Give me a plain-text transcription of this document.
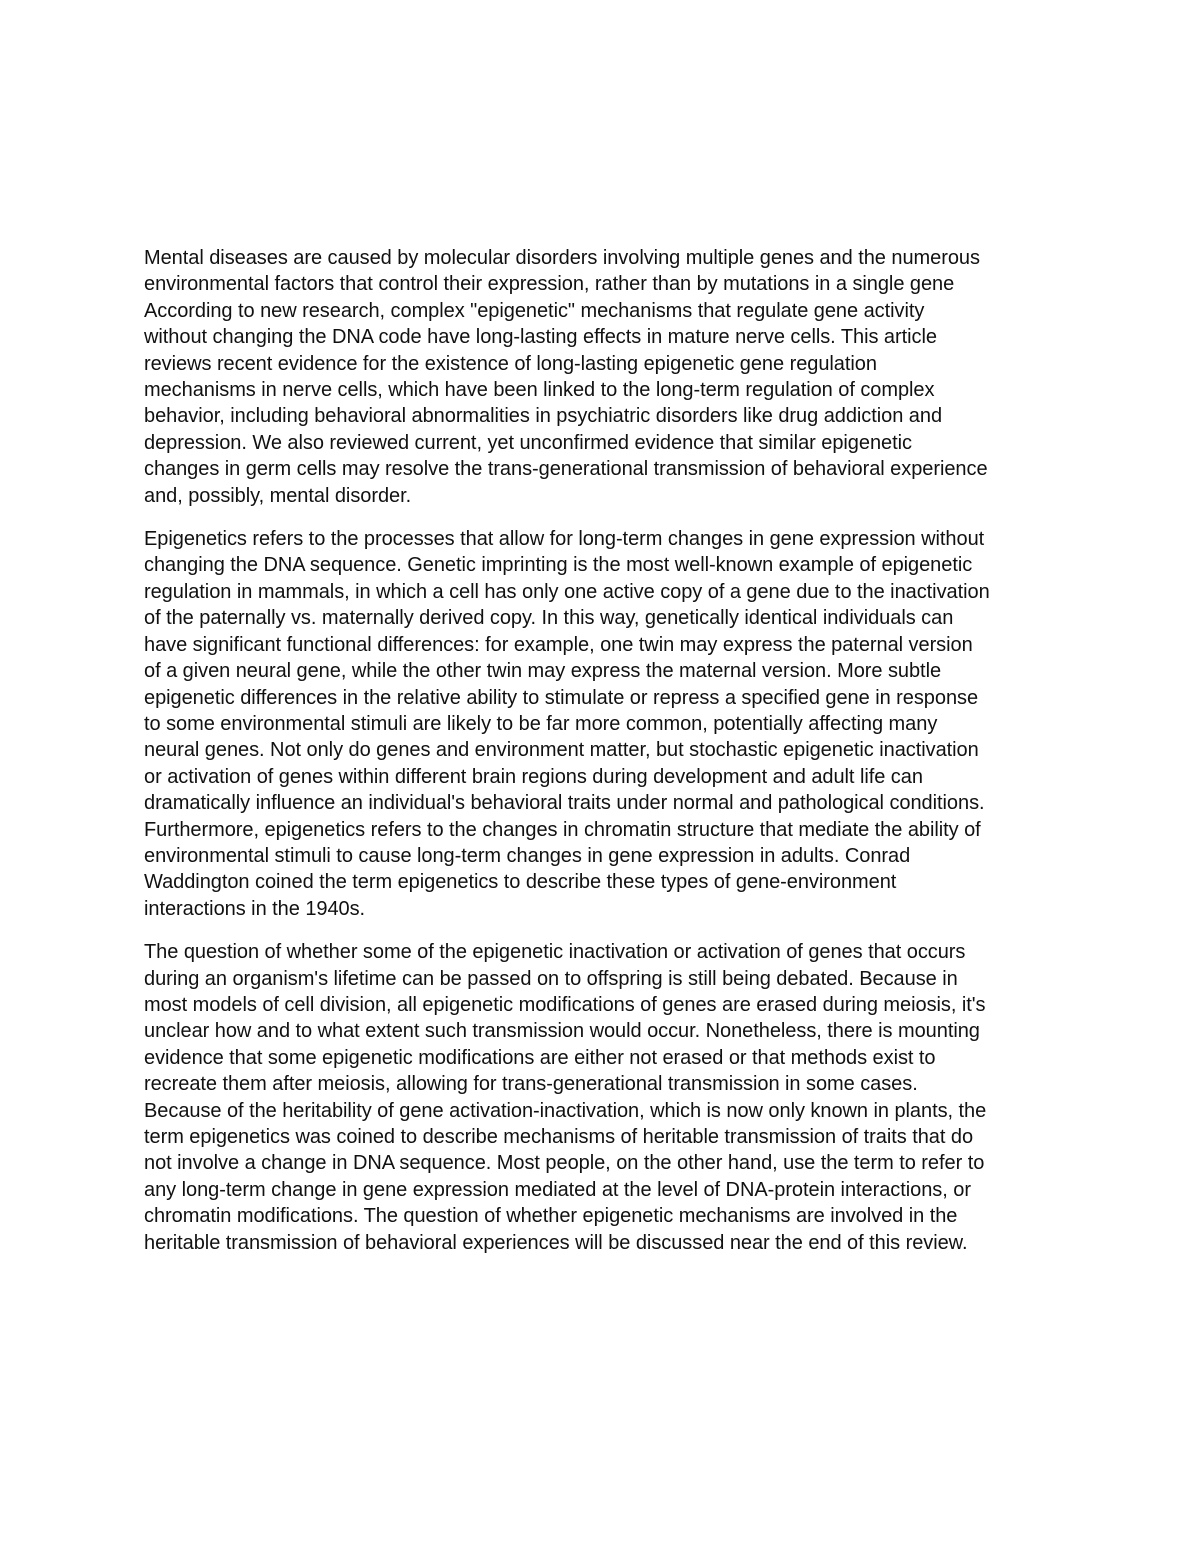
Mental diseases are caused by molecular disorders involving multiple genes and the numerous
environmental factors that control their expression, rather than by mutations in a single gene
According to new research, complex "epigenetic" mechanisms that regulate gene activity
without changing the DNA code have long-lasting effects in mature nerve cells. This article
reviews recent evidence for the existence of long-lasting epigenetic gene regulation
mechanisms in nerve cells, which have been linked to the long-term regulation of complex
behavior, including behavioral abnormalities in psychiatric disorders like drug addiction and
depression. We also reviewed current, yet unconfirmed evidence that similar epigenetic
changes in germ cells may resolve the trans-generational transmission of behavioral experience
and, possibly, mental disorder.

Epigenetics refers to the processes that allow for long-term changes in gene expression without
changing the DNA sequence. Genetic imprinting is the most well-known example of epigenetic
regulation in mammals, in which a cell has only one active copy of a gene due to the inactivation
of the paternally vs. maternally derived copy. In this way, genetically identical individuals can
have significant functional differences: for example, one twin may express the paternal version
of a given neural gene, while the other twin may express the maternal version. More subtle
epigenetic differences in the relative ability to stimulate or repress a specified gene in response
to some environmental stimuli are likely to be far more common, potentially affecting many
neural genes. Not only do genes and environment matter, but stochastic epigenetic inactivation
or activation of genes within different brain regions during development and adult life can
dramatically influence an individual's behavioral traits under normal and pathological conditions.
Furthermore, epigenetics refers to the changes in chromatin structure that mediate the ability of
environmental stimuli to cause long-term changes in gene expression in adults. Conrad
Waddington coined the term epigenetics to describe these types of gene-environment
interactions in the 1940s.

The question of whether some of the epigenetic inactivation or activation of genes that occurs
during an organism's lifetime can be passed on to offspring is still being debated. Because in
most models of cell division, all epigenetic modifications of genes are erased during meiosis, it's
unclear how and to what extent such transmission would occur. Nonetheless, there is mounting
evidence that some epigenetic modifications are either not erased or that methods exist to
recreate them after meiosis, allowing for trans-generational transmission in some cases.
Because of the heritability of gene activation-inactivation, which is now only known in plants, the
term epigenetics was coined to describe mechanisms of heritable transmission of traits that do
not involve a change in DNA sequence. Most people, on the other hand, use the term to refer to
any long-term change in gene expression mediated at the level of DNA-protein interactions, or
chromatin modifications. The question of whether epigenetic mechanisms are involved in the
heritable transmission of behavioral experiences will be discussed near the end of this review.
